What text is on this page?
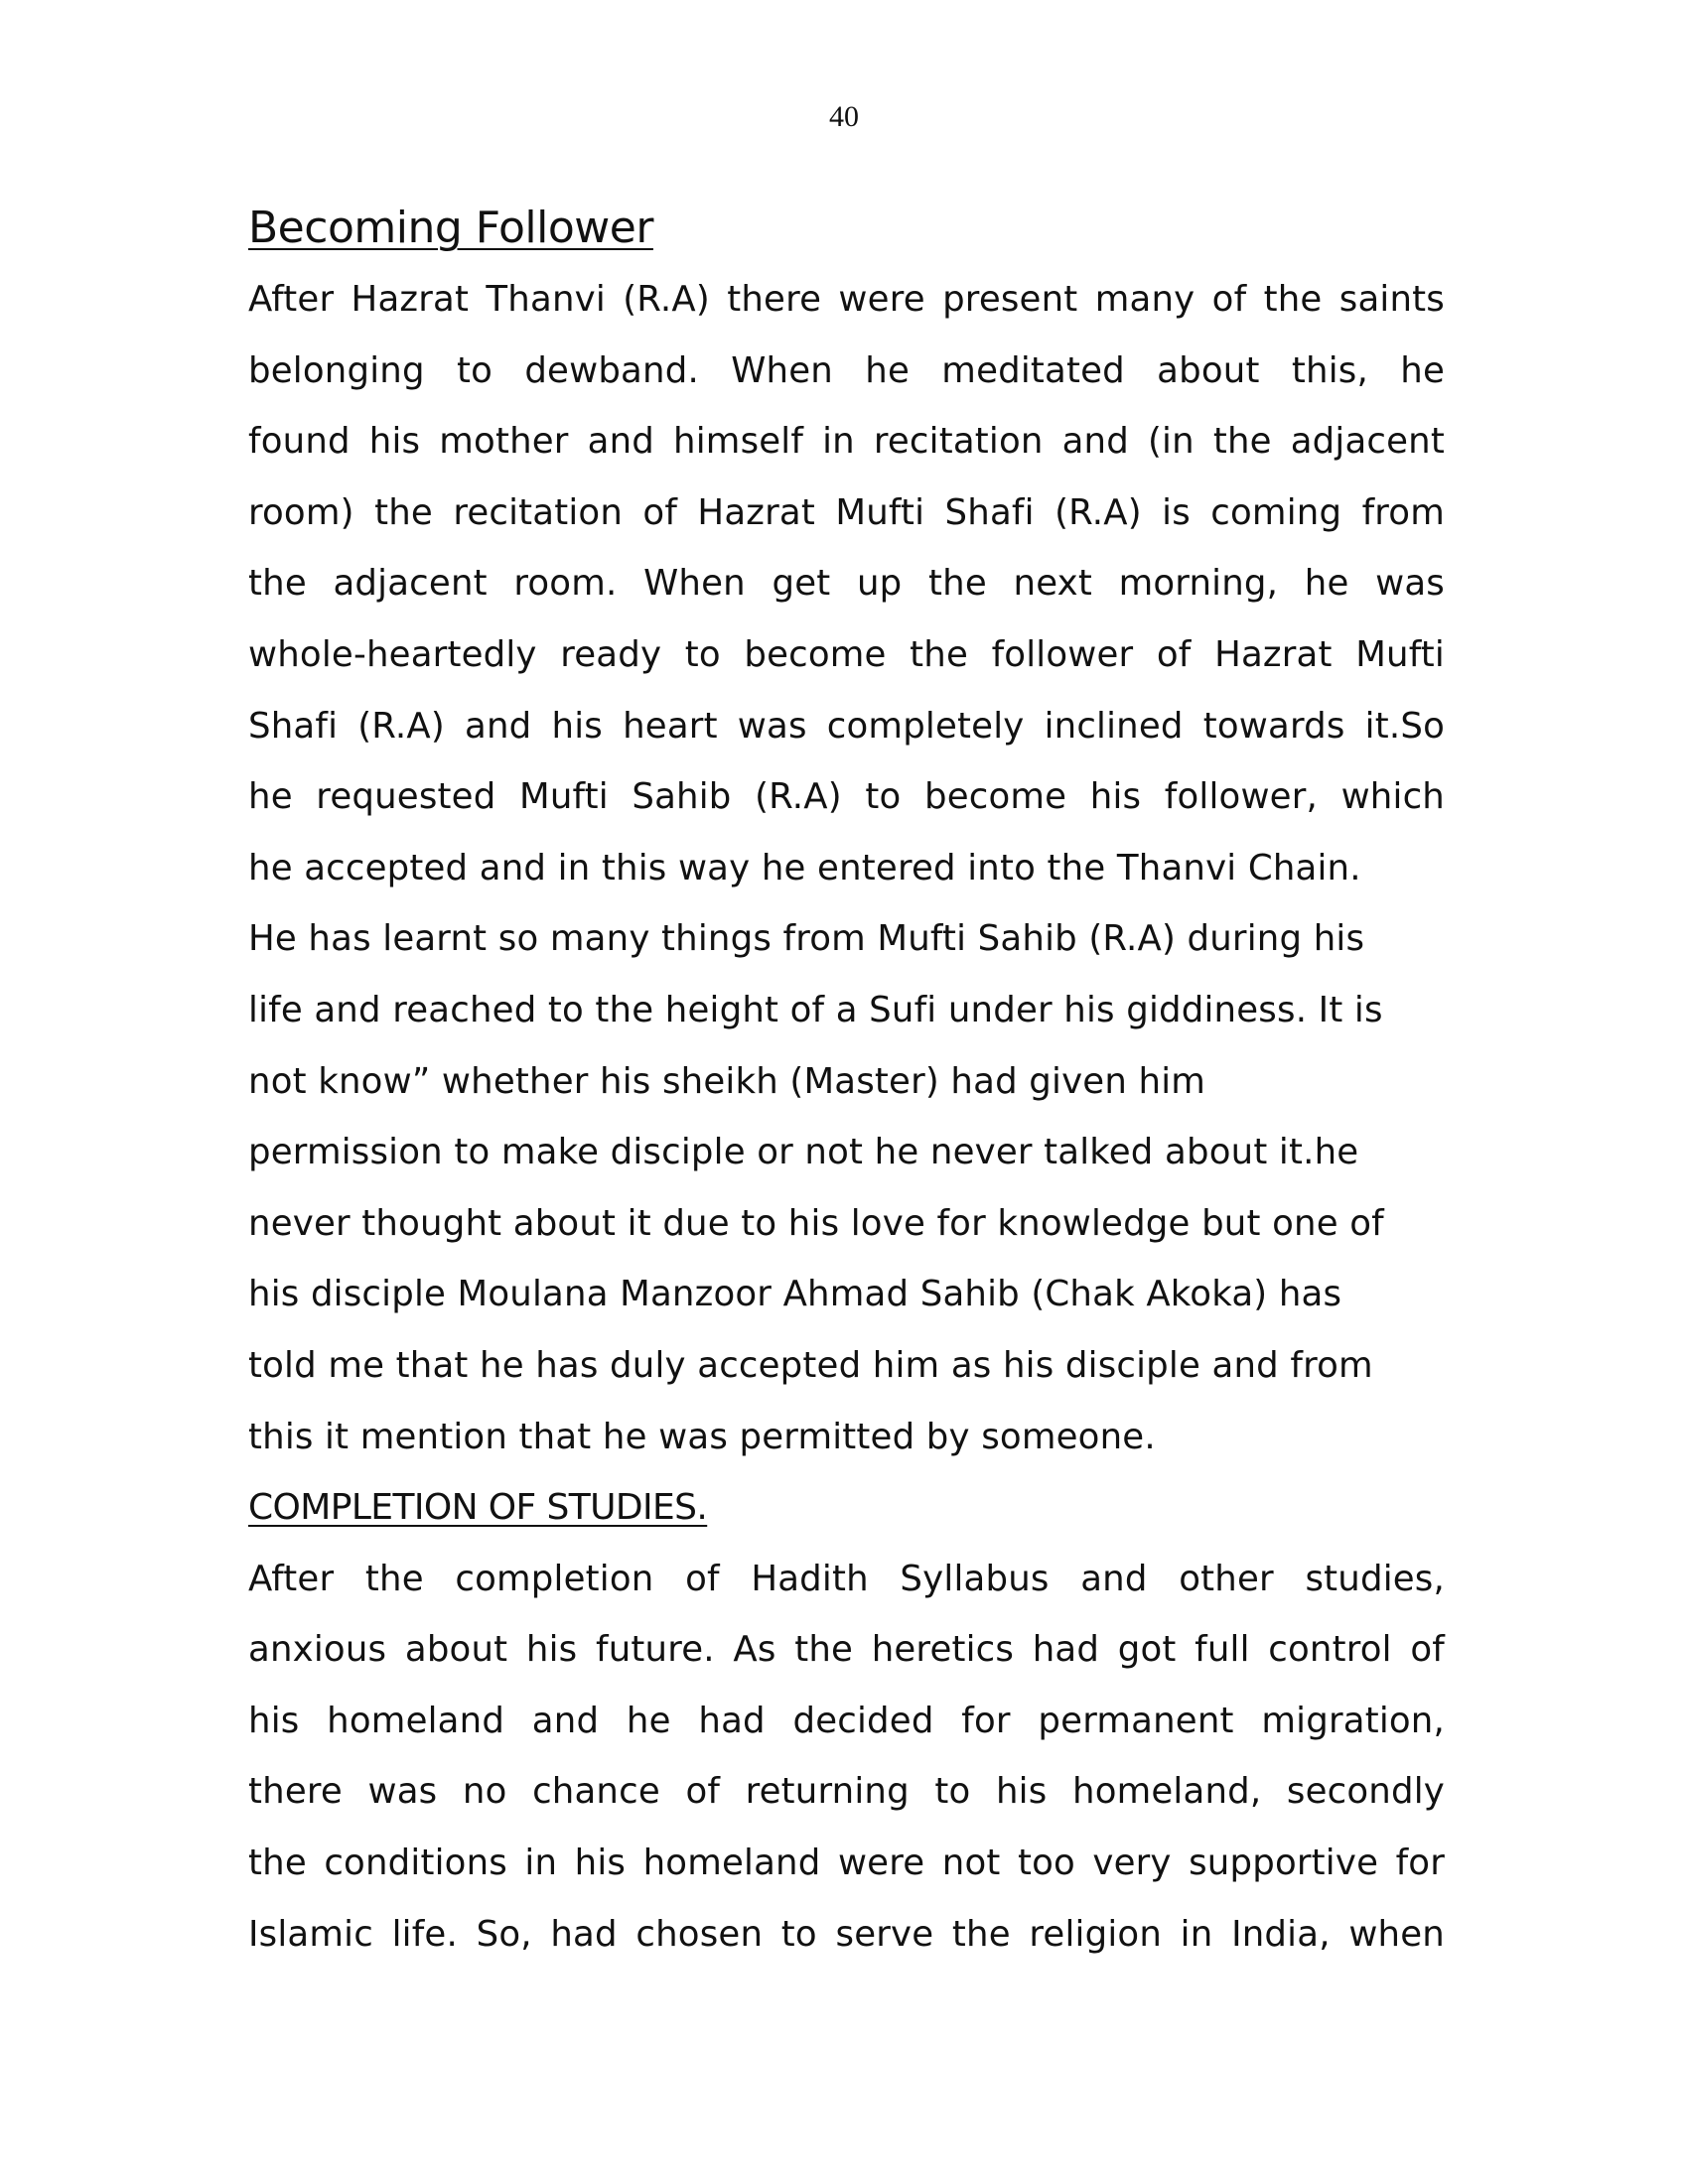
40
Becoming Follower
After Hazrat Thanvi (R.A) there were present many of the saints
belonging to dewband. When he meditated about this, he
found his mother and himself in recitation and (in the adjacent
room) the recitation of Hazrat Mufti Shafi (R.A) is coming from
the adjacent room. When get up the next morning, he was
whole-heartedly ready to become the follower of Hazrat Mufti
Shafi (R.A) and his heart was completely inclined towards it.So
he requested Mufti Sahib (R.A) to become his follower, which
he accepted and in this way he entered into the Thanvi Chain.
He has learnt so many things from Mufti Sahib (R.A) during his
life and reached to the height of a Sufi under his giddiness. It is
not know” whether his sheikh (Master) had given him
permission to make disciple or not he never talked about it.he
never thought about it due to his love for knowledge but one of
his disciple Moulana Manzoor Ahmad Sahib (Chak Akoka) has
told me that he has duly accepted him as his disciple and from
this it mention that he was permitted by someone.
COMPLETION OF STUDIES.
After the completion of Hadith Syllabus and other studies,
anxious about his future. As the heretics had got full control of
his homeland and he had decided for permanent migration,
there was no chance of returning to his homeland, secondly
the conditions in his homeland were not too very supportive for
Islamic life. So, had chosen to serve the religion in India, when
